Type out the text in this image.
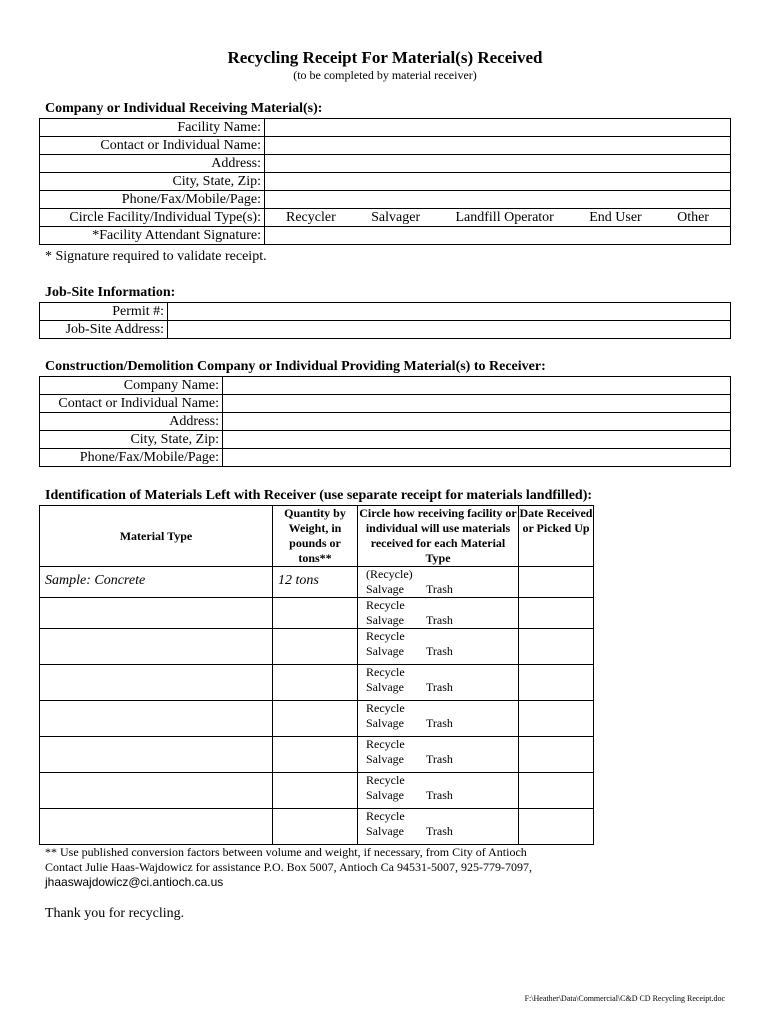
Recycling Receipt For Material(s) Received
(to be completed by material receiver)
Company or Individual Receiving Material(s):
Facility Name:	
Contact or Individual Name:	
Address:	
City, State, Zip:	
Phone/Fax/Mobile/Page:	
Circle Facility/Individual Type(s):	Recycler Salvager Landfill Operator End User Other

*Facility Attendant Signature:	
* Signature required to validate receipt.
Job-Site Information:
Permit #:	
Job-Site Address:	
Construction/Demolition Company or Individual Providing Material(s) to Receiver:
Company Name:	
Contact or Individual Name:	
Address:	
City, State, Zip:	
Phone/Fax/Mobile/Page:	
Identification of Materials Left with Receiver (use separate receipt for materials landfilled):
Material Type	Quantity by Weight, in pounds or tons**	Circle how receiving facility or individual will use materials received for each Material Type	Date Received or Picked Up

Sample: Concrete	12 tons	(Recycle)
Salvage Trash	

		Recycle
Salvage Trash	

		Recycle
Salvage Trash	

		Recycle
Salvage Trash	

		Recycle
Salvage Trash	

		Recycle
Salvage Trash	

		Recycle
Salvage Trash	

		Recycle
Salvage Trash	

** Use published conversion factors between volume and weight, if necessary, from City of Antioch
Contact Julie Haas-Wajdowicz for assistance P.O. Box 5007, Antioch Ca 94531-5007, 925-779-7097,
jhaaswajdowicz@ci.antioch.ca.us
Thank you for recycling.
F:\Heather\Data\Commercial\C&D CD Recycling Receipt.doc
